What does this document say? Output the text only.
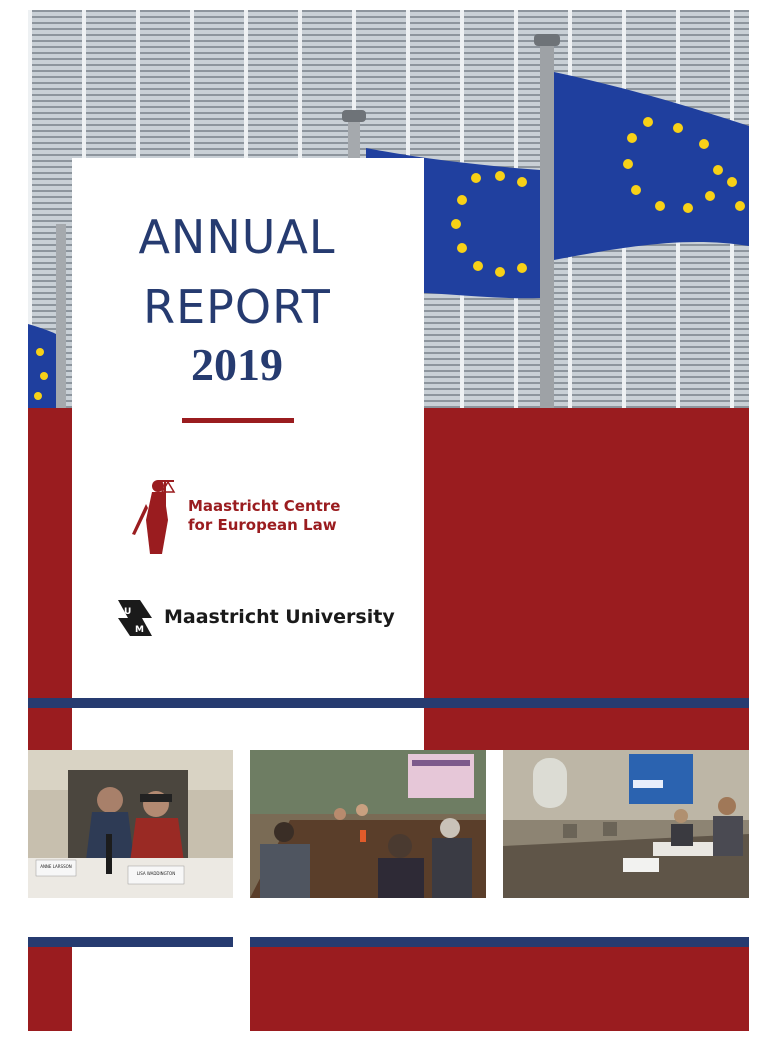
ANNUAL
REPORT
2019
Maastricht Centre
for European Law
U
M
Maastricht University
ANNE LARSSON
LISA WADDINGTON
